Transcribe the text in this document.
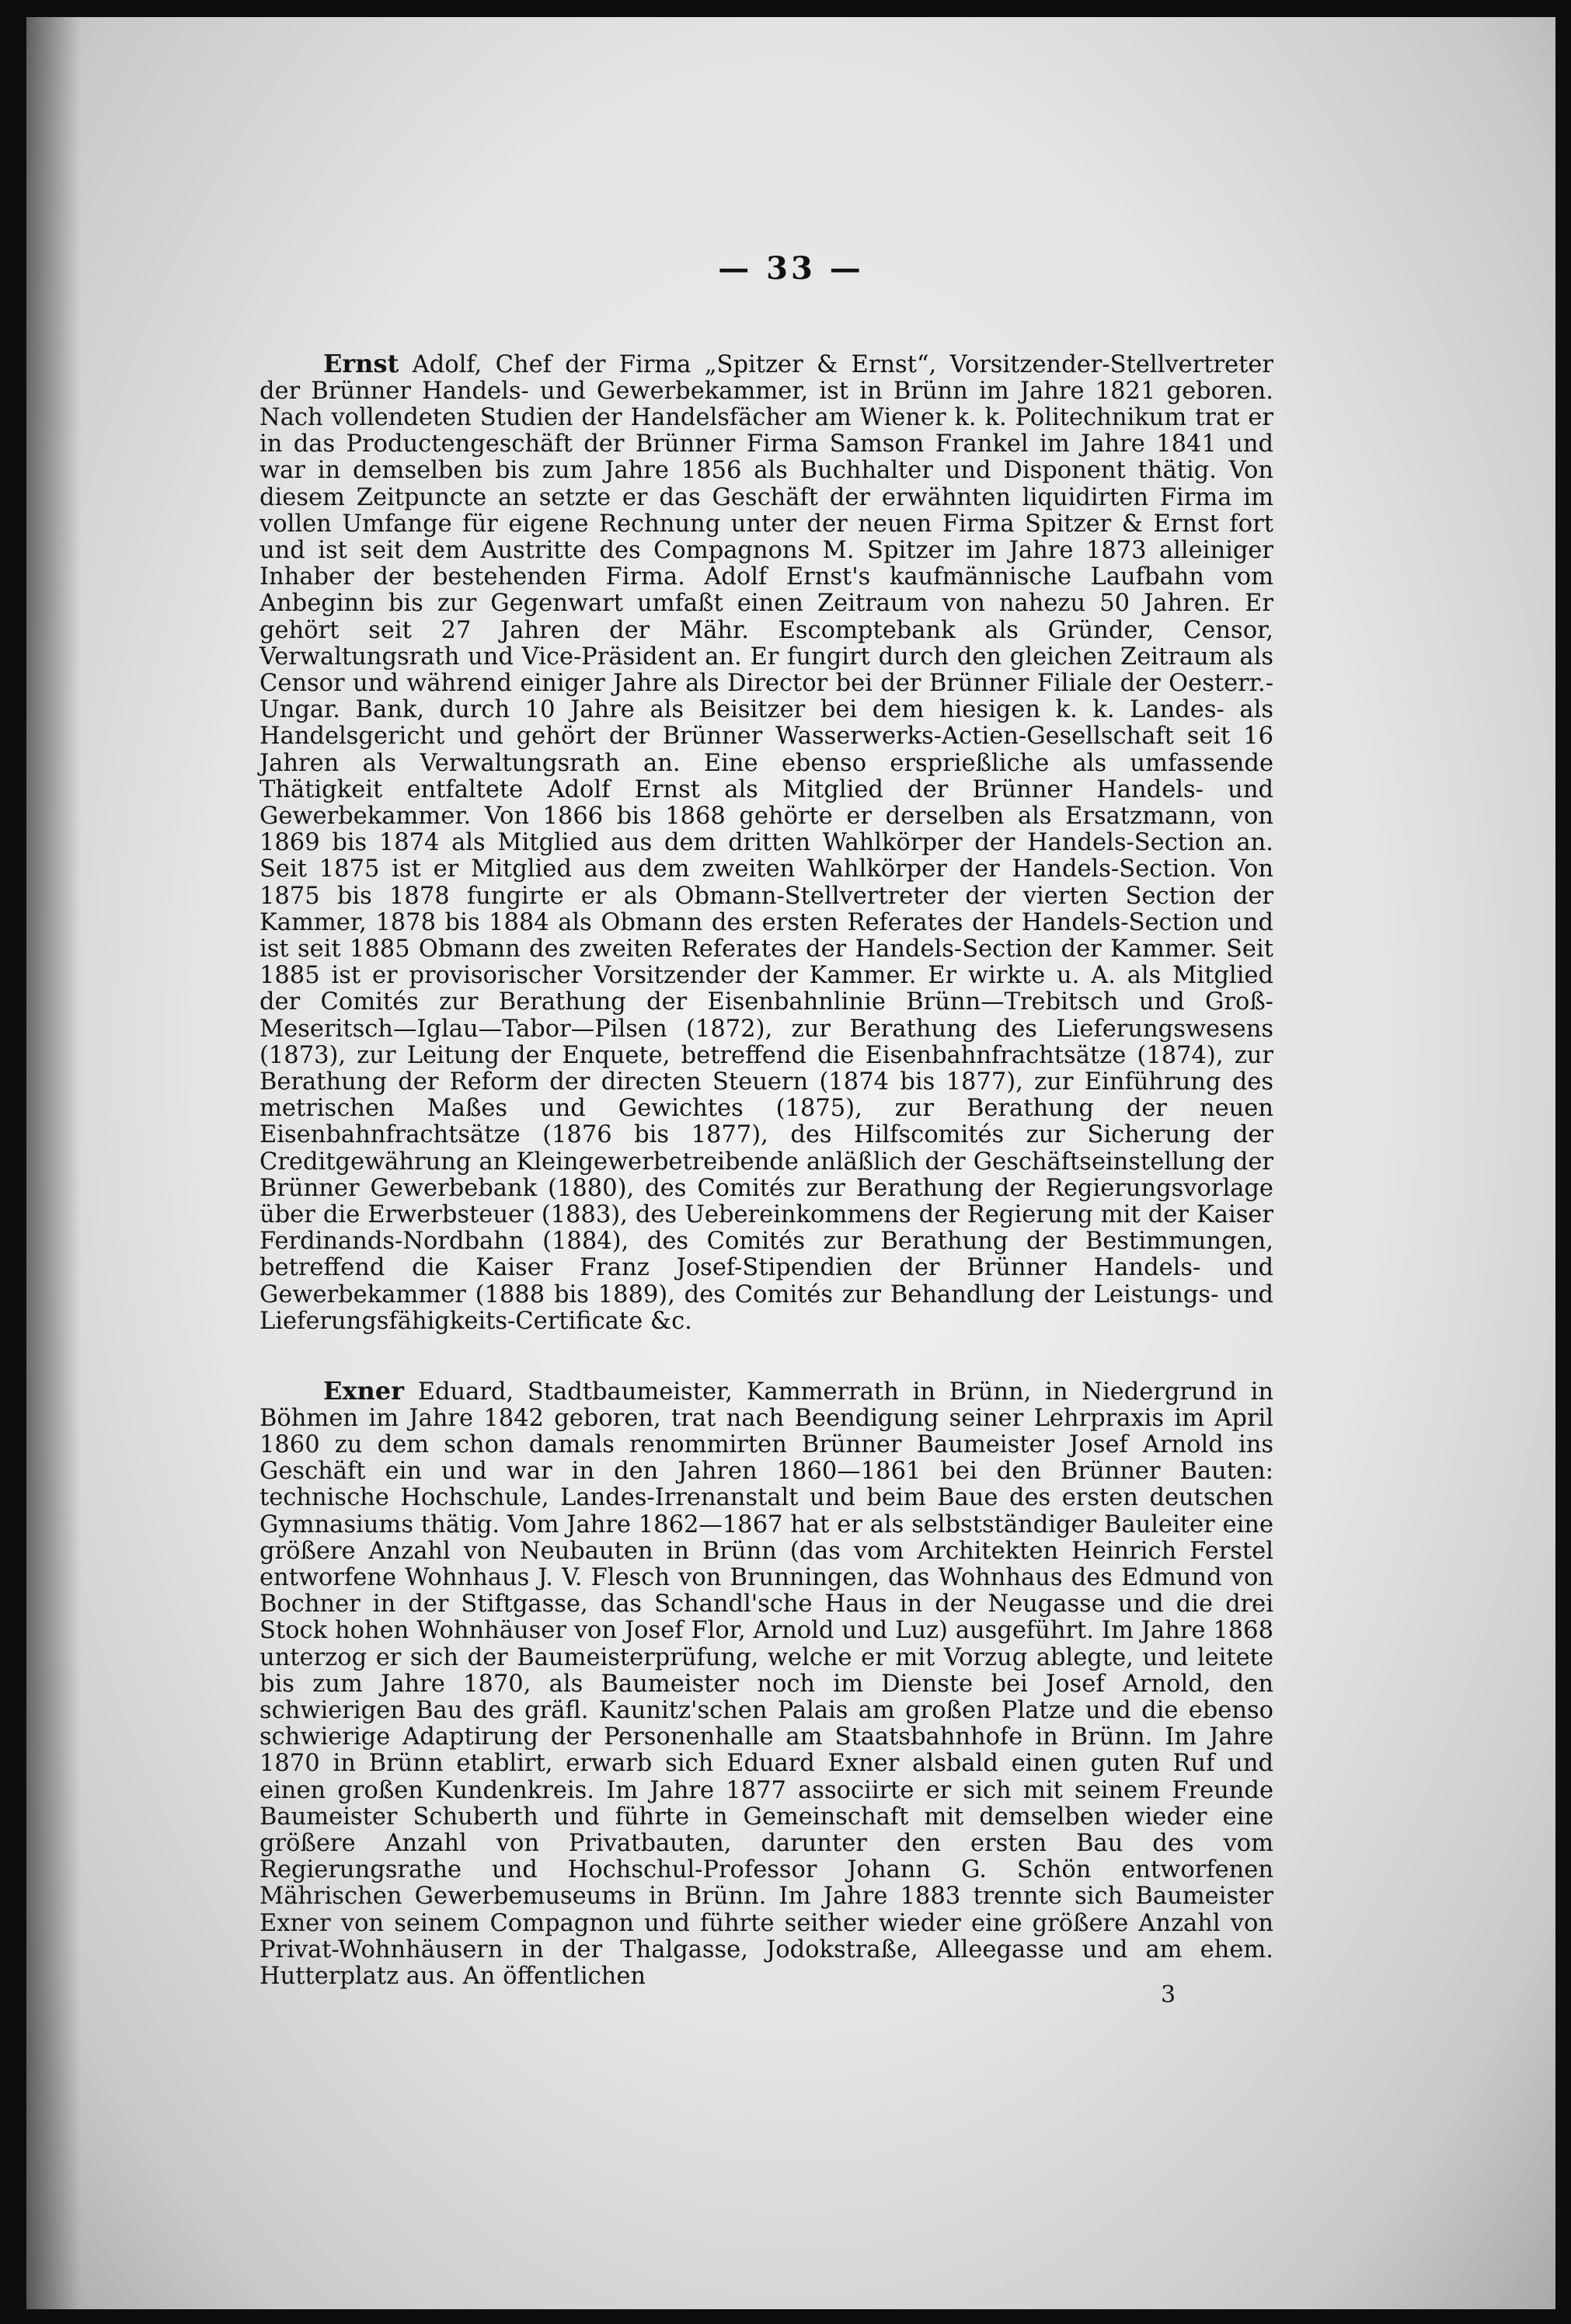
— 33 —

Ernst Adolf, Chef der Firma „Spitzer & Ernst“, Vorsitzender-Stellvertreter der Brünner Handels- und Gewerbekammer, ist in Brünn im Jahre 1821 geboren. Nach vollendeten Studien der Handelsfächer am Wiener k. k. Politechnikum trat er in das Productengeschäft der Brünner Firma Samson Frankel im Jahre 1841 und war in demselben bis zum Jahre 1856 als Buchhalter und Disponent thätig. Von diesem Zeitpuncte an setzte er das Geschäft der erwähnten liquidirten Firma im vollen Umfange für eigene Rechnung unter der neuen Firma Spitzer & Ernst fort und ist seit dem Austritte des Compagnons M. Spitzer im Jahre 1873 alleiniger Inhaber der bestehenden Firma. Adolf Ernst's kaufmännische Laufbahn vom Anbeginn bis zur Gegenwart umfaßt einen Zeitraum von nahezu 50 Jahren. Er gehört seit 27 Jahren der Mähr. Escomptebank als Gründer, Censor, Verwaltungsrath und Vice-Präsident an. Er fungirt durch den gleichen Zeitraum als Censor und während einiger Jahre als Director bei der Brünner Filiale der Oesterr.-Ungar. Bank, durch 10 Jahre als Beisitzer bei dem hiesigen k. k. Landes- als Handelsgericht und gehört der Brünner Wasserwerks-Actien-Gesellschaft seit 16 Jahren als Verwaltungsrath an. Eine ebenso ersprießliche als umfassende Thätigkeit entfaltete Adolf Ernst als Mitglied der Brünner Handels- und Gewerbekammer. Von 1866 bis 1868 gehörte er derselben als Ersatzmann, von 1869 bis 1874 als Mitglied aus dem dritten Wahlkörper der Handels-Section an. Seit 1875 ist er Mitglied aus dem zweiten Wahlkörper der Handels-Section. Von 1875 bis 1878 fungirte er als Obmann-Stellvertreter der vierten Section der Kammer, 1878 bis 1884 als Obmann des ersten Referates der Handels-Section und ist seit 1885 Obmann des zweiten Referates der Handels-Section der Kammer. Seit 1885 ist er provisorischer Vorsitzender der Kammer. Er wirkte u. A. als Mitglied der Comités zur Berathung der Eisenbahnlinie Brünn—Trebitsch und Groß-Meseritsch—Iglau—Tabor—Pilsen (1872), zur Berathung des Lieferungswesens (1873), zur Leitung der Enquete, betreffend die Eisenbahnfrachtsätze (1874), zur Berathung der Reform der directen Steuern (1874 bis 1877), zur Einführung des metrischen Maßes und Gewichtes (1875), zur Berathung der neuen Eisenbahnfrachtsätze (1876 bis 1877), des Hilfscomités zur Sicherung der Creditgewährung an Kleingewerbetreibende anläßlich der Geschäftseinstellung der Brünner Gewerbebank (1880), des Comités zur Berathung der Regierungsvorlage über die Erwerbsteuer (1883), des Uebereinkommens der Regierung mit der Kaiser Ferdinands-Nordbahn (1884), des Comités zur Berathung der Bestimmungen, betreffend die Kaiser Franz Josef-Stipendien der Brünner Handels- und Gewerbekammer (1888 bis 1889), des Comités zur Behandlung der Leistungs- und Lieferungsfähigkeits-Certificate &c.

Exner Eduard, Stadtbaumeister, Kammerrath in Brünn, in Niedergrund in Böhmen im Jahre 1842 geboren, trat nach Beendigung seiner Lehrpraxis im April 1860 zu dem schon damals renommirten Brünner Baumeister Josef Arnold ins Geschäft ein und war in den Jahren 1860—1861 bei den Brünner Bauten: technische Hochschule, Landes-Irrenanstalt und beim Baue des ersten deutschen Gymnasiums thätig. Vom Jahre 1862—1867 hat er als selbstständiger Bauleiter eine größere Anzahl von Neubauten in Brünn (das vom Architekten Heinrich Ferstel entworfene Wohnhaus J. V. Flesch von Brunningen, das Wohnhaus des Edmund von Bochner in der Stiftgasse, das Schandl'sche Haus in der Neugasse und die drei Stock hohen Wohnhäuser von Josef Flor, Arnold und Luz) ausgeführt. Im Jahre 1868 unterzog er sich der Baumeisterprüfung, welche er mit Vorzug ablegte, und leitete bis zum Jahre 1870, als Baumeister noch im Dienste bei Josef Arnold, den schwierigen Bau des gräfl. Kaunitz'schen Palais am großen Platze und die ebenso schwierige Adaptirung der Personenhalle am Staatsbahnhofe in Brünn. Im Jahre 1870 in Brünn etablirt, erwarb sich Eduard Exner alsbald einen guten Ruf und einen großen Kundenkreis. Im Jahre 1877 associirte er sich mit seinem Freunde Baumeister Schuberth und führte in Gemeinschaft mit demselben wieder eine größere Anzahl von Privatbauten, darunter den ersten Bau des vom Regierungsrathe und Hochschul-Professor Johann G. Schön entworfenen Mährischen Gewerbemuseums in Brünn. Im Jahre 1883 trennte sich Baumeister Exner von seinem Compagnon und führte seither wieder eine größere Anzahl von Privat-Wohnhäusern in der Thalgasse, Jodokstraße, Alleegasse und am ehem. Hutterplatz aus. An öffentlichen

3
